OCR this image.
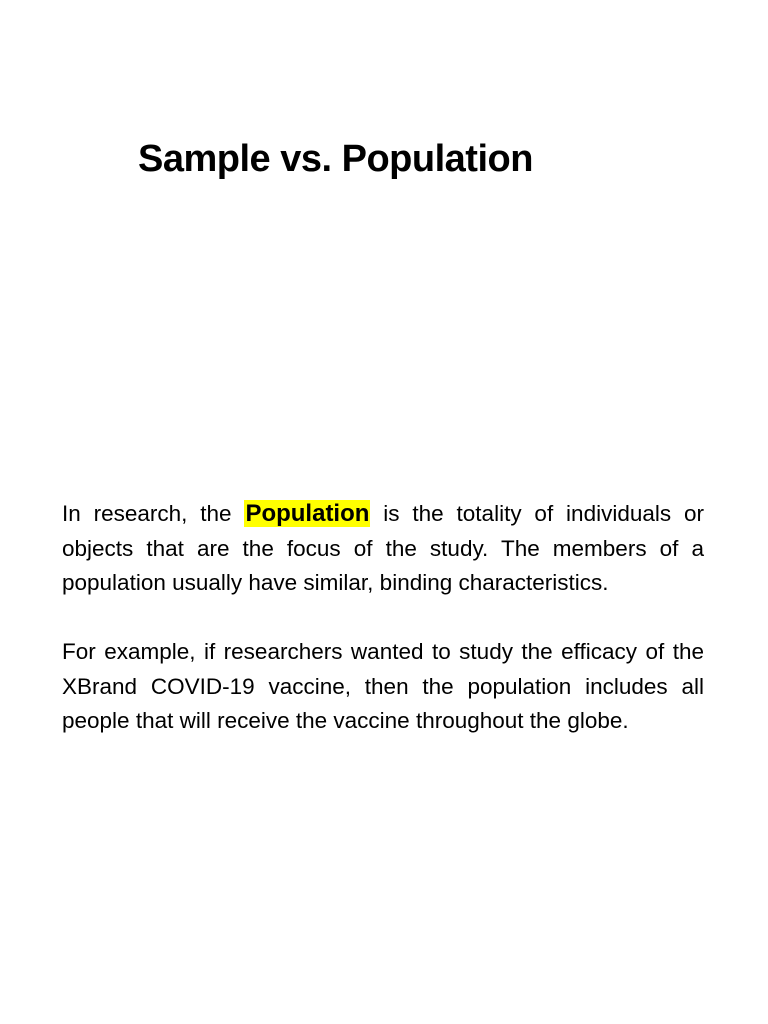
Sample vs. Population

In research, the Population is the totality of individuals or objects that are the focus of the study. The members of a population usually have similar, binding characteristics.

For example, if researchers wanted to study the efficacy of the XBrand COVID-19 vaccine, then the population includes all people that will receive the vaccine throughout the globe.
